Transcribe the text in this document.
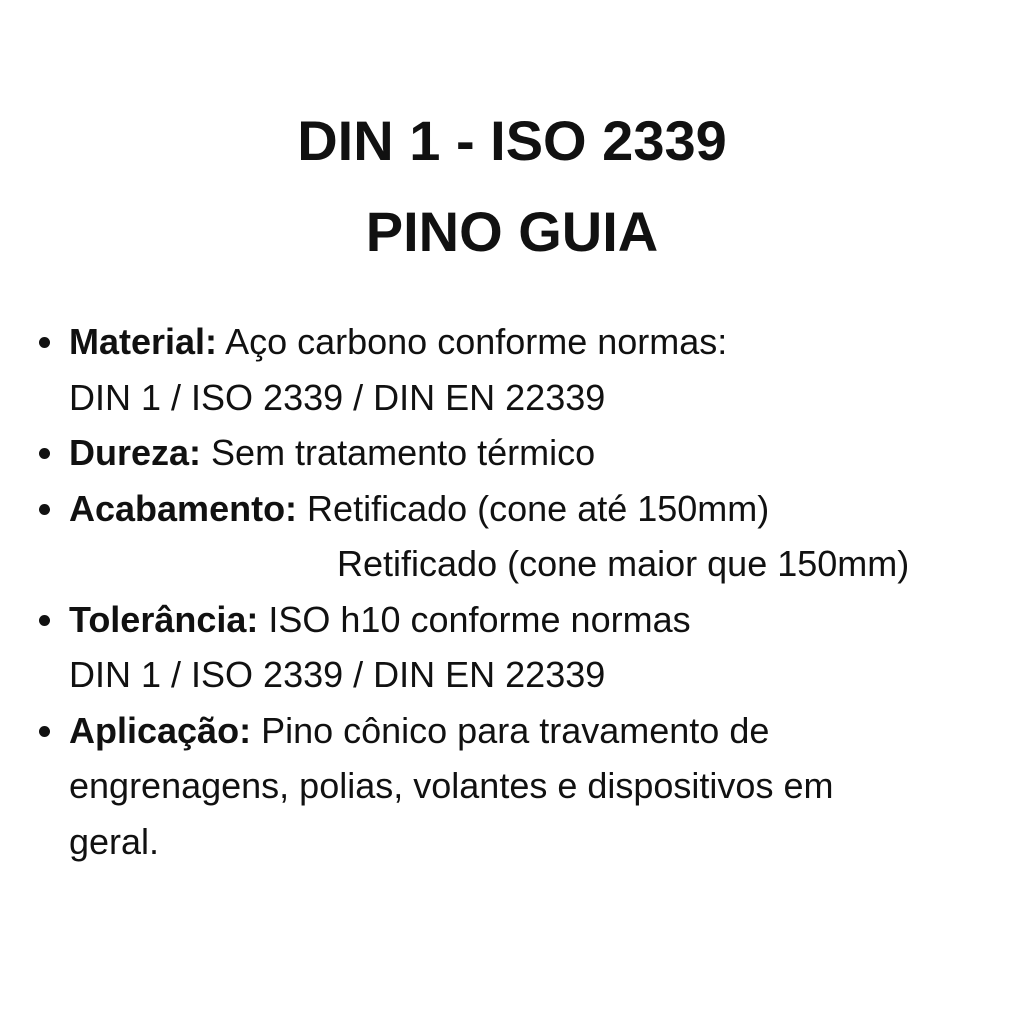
DIN 1 - ISO 2339
PINO GUIA
Material: Aço carbono conforme normas:
DIN 1 / ISO 2339 / DIN EN 22339
Dureza: Sem tratamento térmico
Acabamento: Retificado (cone até 150mm)
Retificado (cone maior que 150mm)
Tolerância: ISO h10 conforme normas
DIN 1 / ISO 2339 / DIN EN 22339
Aplicação: Pino cônico para travamento de
engrenagens, polias, volantes e dispositivos em
geral.
